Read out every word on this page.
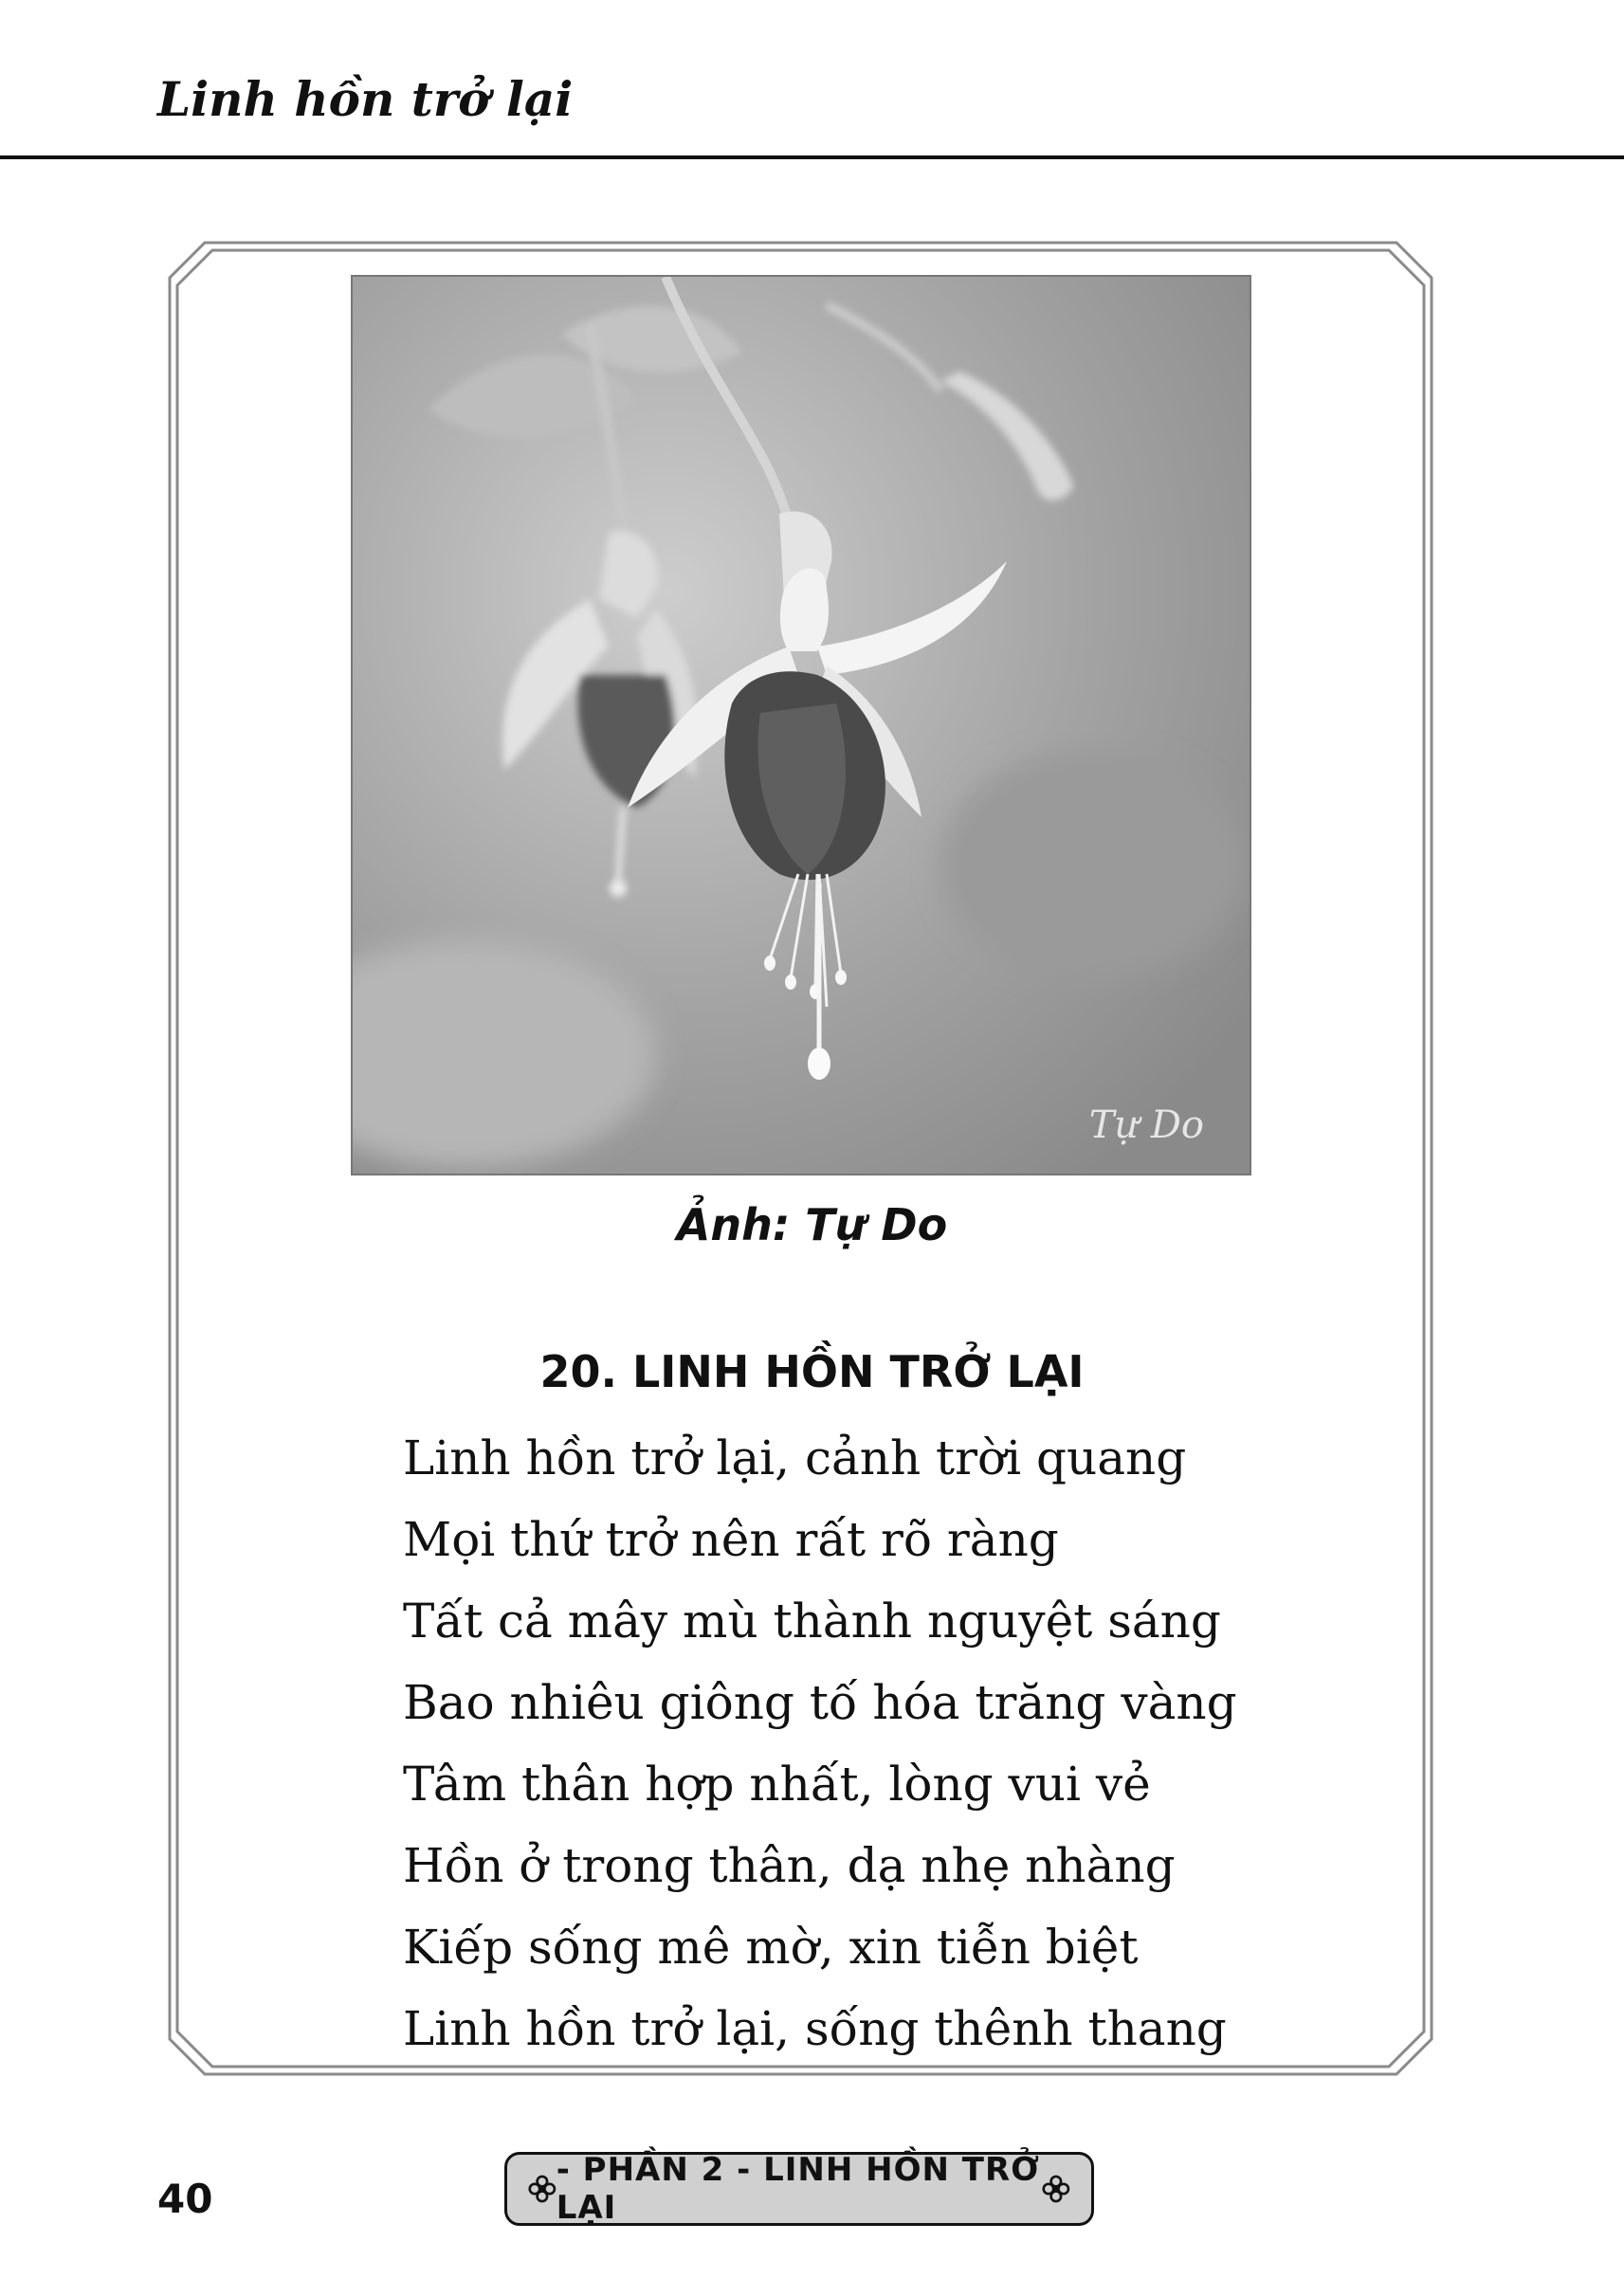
Linh hồn trở lại
Tự Do
Ảnh: Tự Do
20. LINH HỒN TRỞ LẠI
Linh hồn trở lại, cảnh trời quang
Mọi thứ trở nên rất rõ ràng
Tất cả mây mù thành nguyệt sáng
Bao nhiêu giông tố hóa trăng vàng
Tâm thân hợp nhất, lòng vui vẻ
Hồn ở trong thân, dạ nhẹ nhàng
Kiếp sống mê mờ, xin tiễn biệt
Linh hồn trở lại, sống thênh thang
40
- PHẦN 2 - LINH HỒN TRỞ LẠI
